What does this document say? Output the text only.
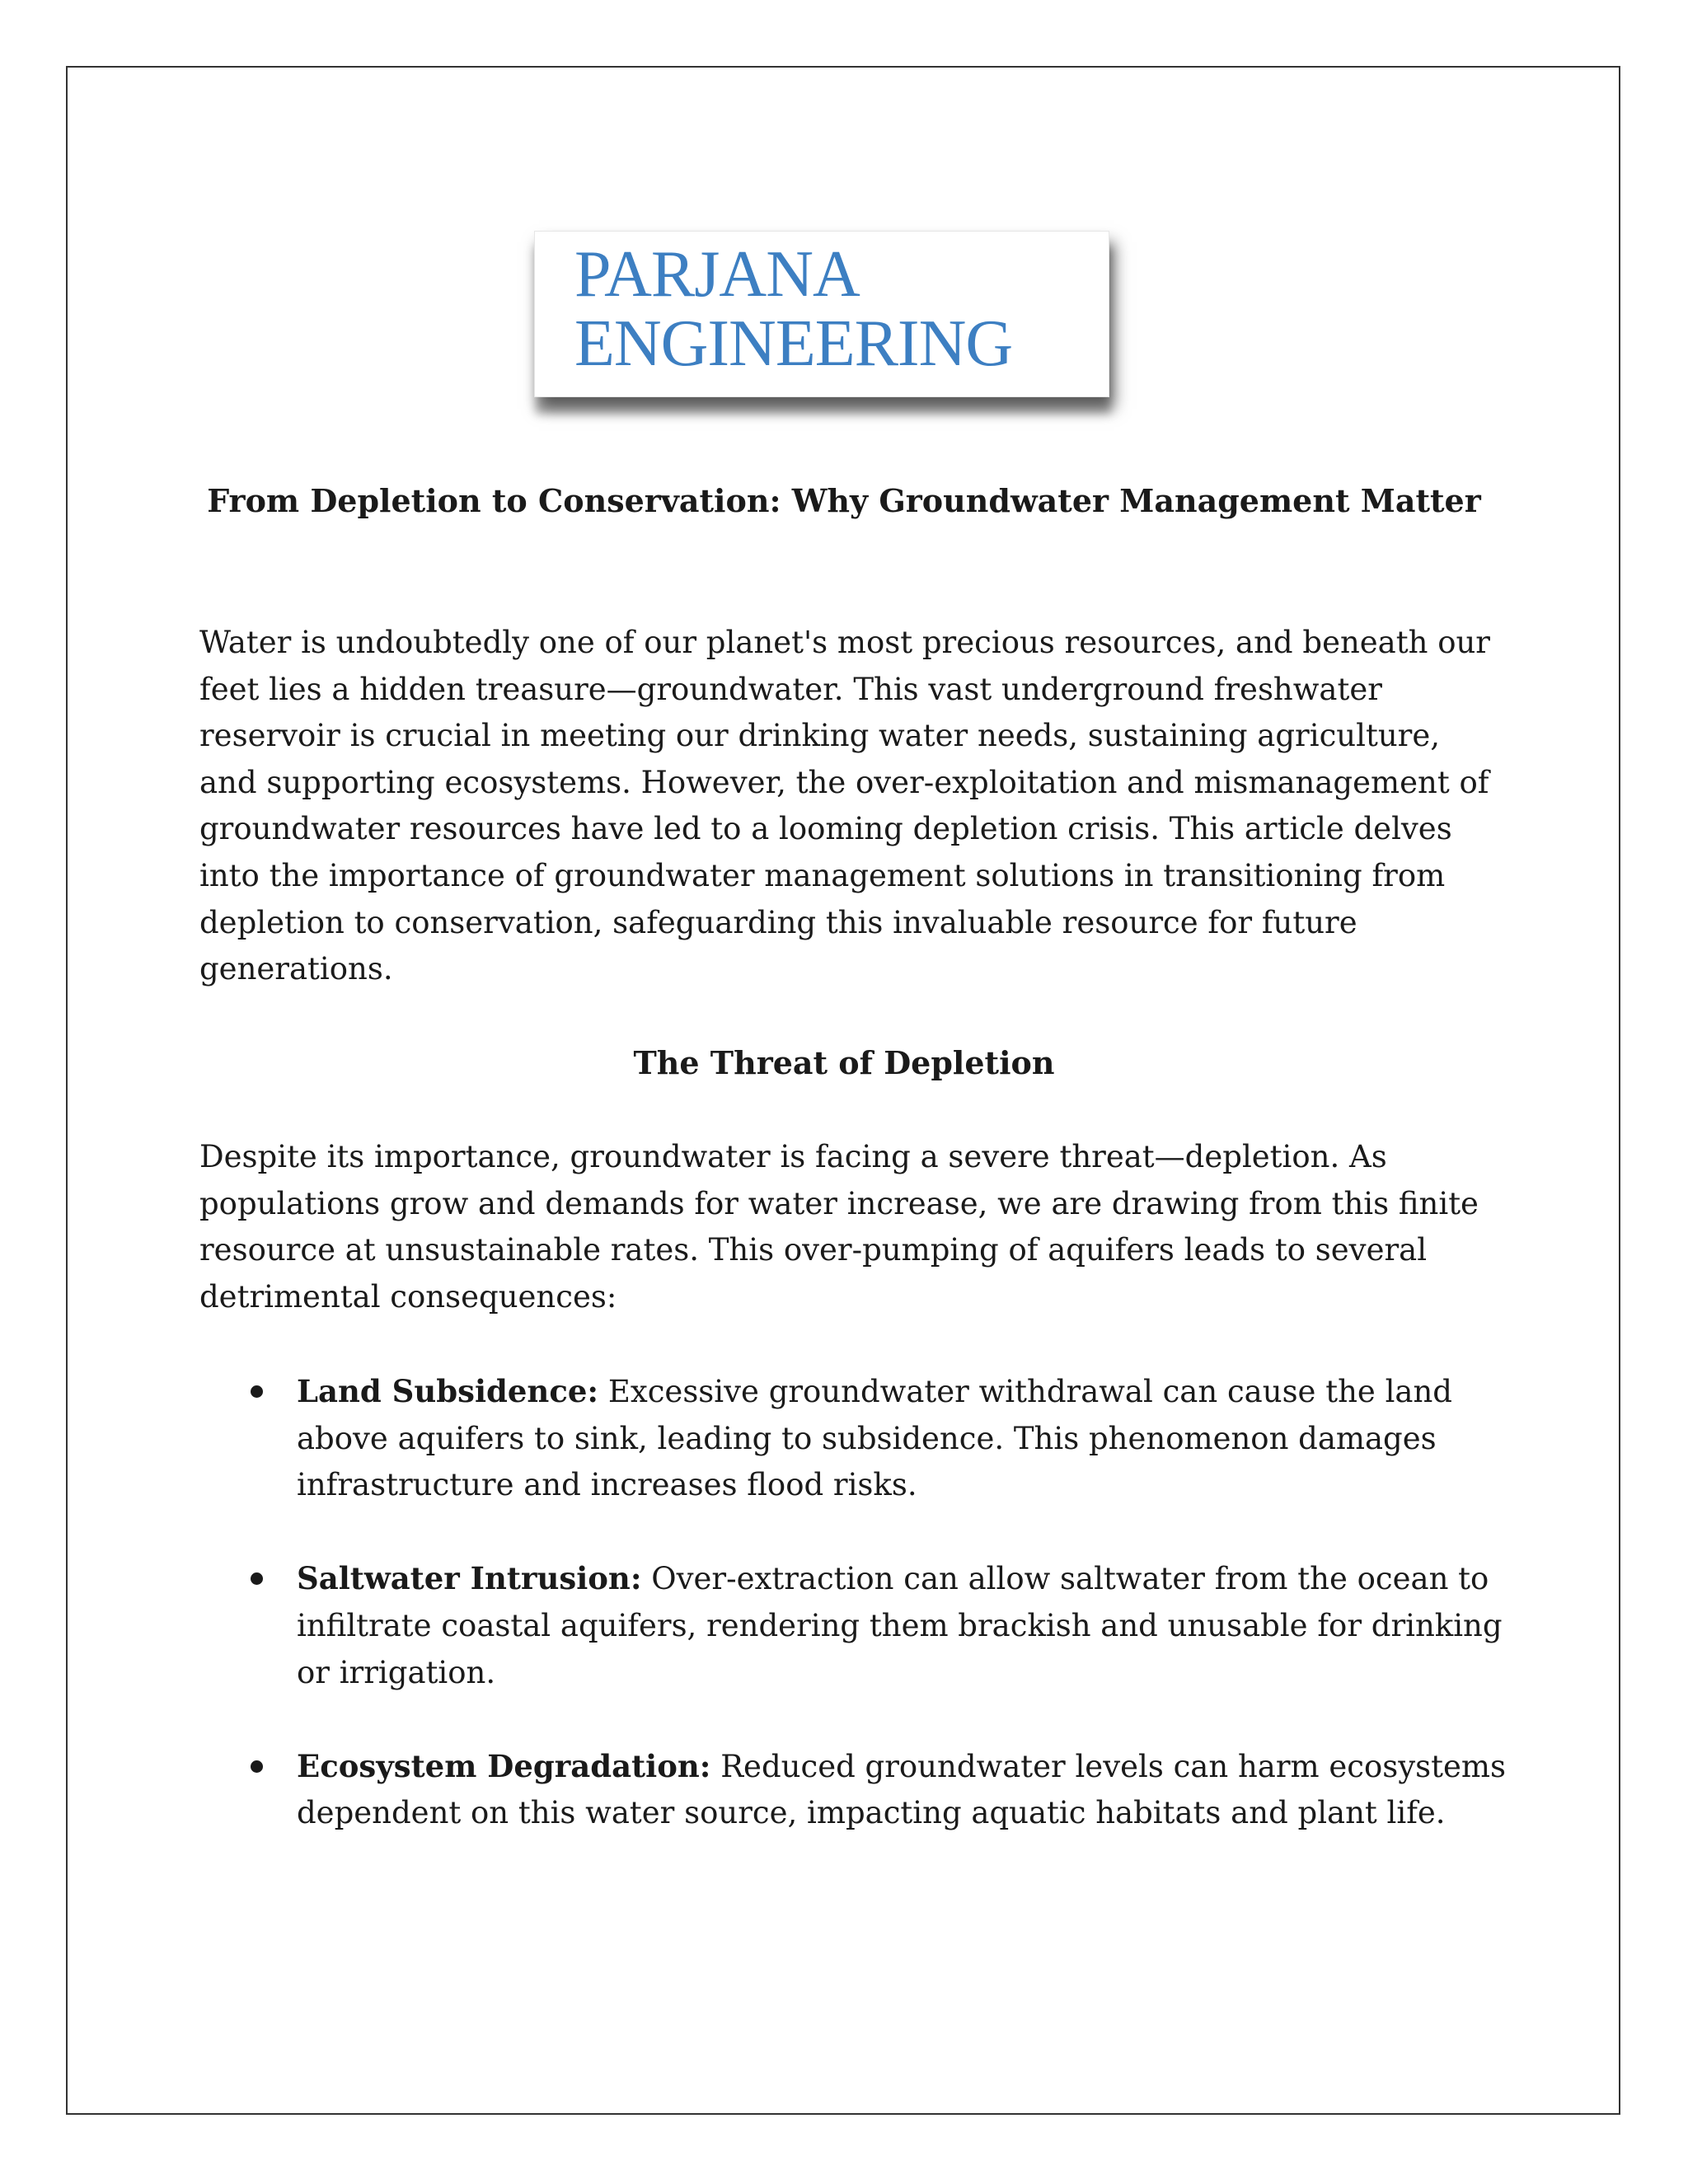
PARJANA
ENGINEERING
From Depletion to Conservation: Why Groundwater Management Matter

Water is undoubtedly one of our planet's most precious resources, and beneath our feet lies a hidden treasure—groundwater. This vast underground freshwater reservoir is crucial in meeting our drinking water needs, sustaining agriculture, and supporting ecosystems. However, the over-exploitation and mismanagement of groundwater resources have led to a looming depletion crisis. This article delves into the importance of groundwater management solutions in transitioning from depletion to conservation, safeguarding this invaluable resource for future generations.

The Threat of Depletion

Despite its importance, groundwater is facing a severe threat—depletion. As populations grow and demands for water increase, we are drawing from this finite resource at unsustainable rates. This over-pumping of aquifers leads to several detrimental consequences:

Land Subsidence: Excessive groundwater withdrawal can cause the land above aquifers to sink, leading to subsidence. This phenomenon damages infrastructure and increases flood risks.
Saltwater Intrusion: Over-extraction can allow saltwater from the ocean to infiltrate coastal aquifers, rendering them brackish and unusable for drinking or irrigation.
Ecosystem Degradation: Reduced groundwater levels can harm ecosystems dependent on this water source, impacting aquatic habitats and plant life.
